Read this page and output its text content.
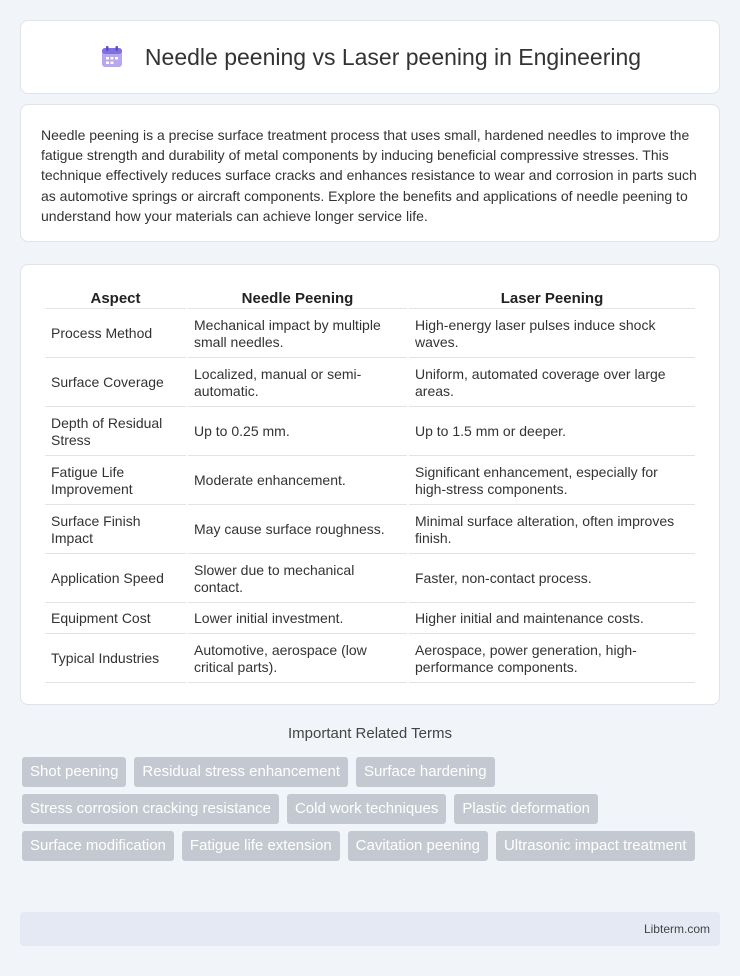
Needle peening vs Laser peening in Engineering

Needle peening is a precise surface treatment process that uses small, hardened needles to improve the fatigue strength and durability of metal components by inducing beneficial compressive stresses. This technique effectively reduces surface cracks and enhances resistance to wear and corrosion in parts such as automotive springs or aircraft components. Explore the benefits and applications of needle peening to understand how your materials can achieve longer service life.

Aspect	Needle Peening	Laser Peening
Process Method	Mechanical impact by multiple small needles.	High-energy laser pulses induce shock waves.
Surface Coverage	Localized, manual or semi-automatic.	Uniform, automated coverage over large areas.
Depth of Residual Stress	Up to 0.25 mm.	Up to 1.5 mm or deeper.
Fatigue Life Improvement	Moderate enhancement.	Significant enhancement, especially for high-stress components.
Surface Finish Impact	May cause surface roughness.	Minimal surface alteration, often improves finish.
Application Speed	Slower due to mechanical contact.	Faster, non-contact process.
Equipment Cost	Lower initial investment.	Higher initial and maintenance costs.
Typical Industries	Automotive, aerospace (low critical parts).	Aerospace, power generation, high-performance components.
Important Related Terms
Shot peening	Residual stress enhancement	Surface hardening
Stress corrosion cracking resistance	Cold work techniques	Plastic deformation
Surface modification	Fatigue life extension	Cavitation peening	Ultrasonic impact treatment
Libterm.com
